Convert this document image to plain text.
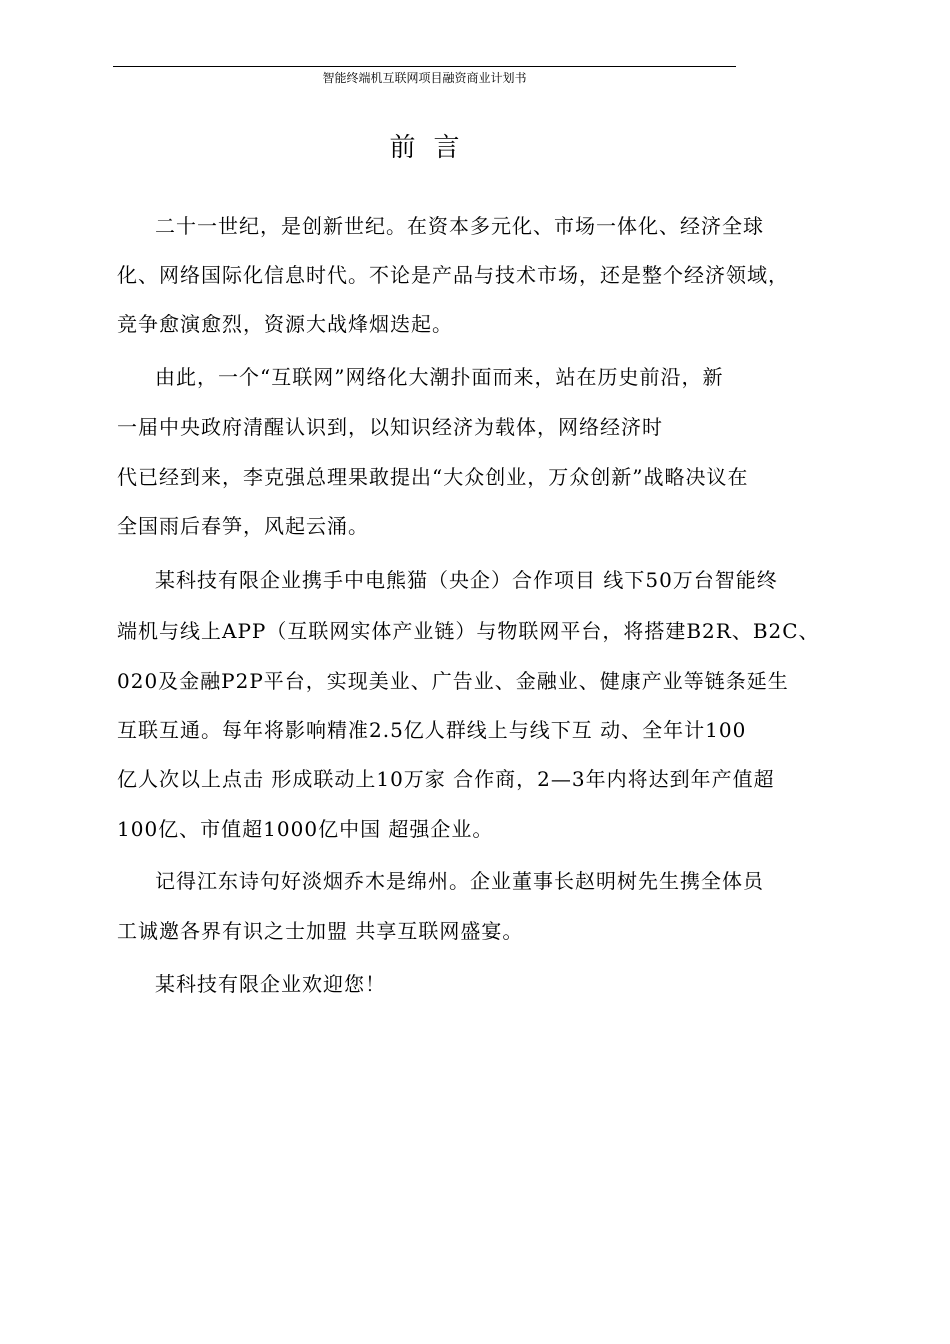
智能终端机互联网项目融资商业计划书
前言
二十一世纪，是创新世纪。在资本多元化、市场一体化、经济全球
化、网络国际化信息时代。不论是产品与技术市场，还是整个经济领域，
竞争愈演愈烈，资源大战烽烟迭起。
由此，一个“互联网”网络化大潮扑面而来，站在历史前沿，新
一届中央政府清醒认识到，以知识经济为载体，网络经济时
代已经到来，李克强总理果敢提出“大众创业，万众创新”战略决议在
全国雨后春笋，风起云涌。
某科技有限企业携手中电熊猫（央企）合作项目 线下50万台智能终
端机与线上APP（互联网实体产业链）与物联网平台，将搭建B2R、B2C、
020及金融P2P平台，实现美业、广告业、金融业、健康产业等链条延生
互联互通。每年将影响精准2.5亿人群线上与线下互 动、全年计100
亿人次以上点击 形成联动上10万家 合作商，2—3年内将达到年产值超
100亿、市值超1000亿中国 超强企业。
记得江东诗句好淡烟乔木是绵州。企业董事长赵明树先生携全体员
工诚邀各界有识之士加盟 共享互联网盛宴。
某科技有限企业欢迎您！
